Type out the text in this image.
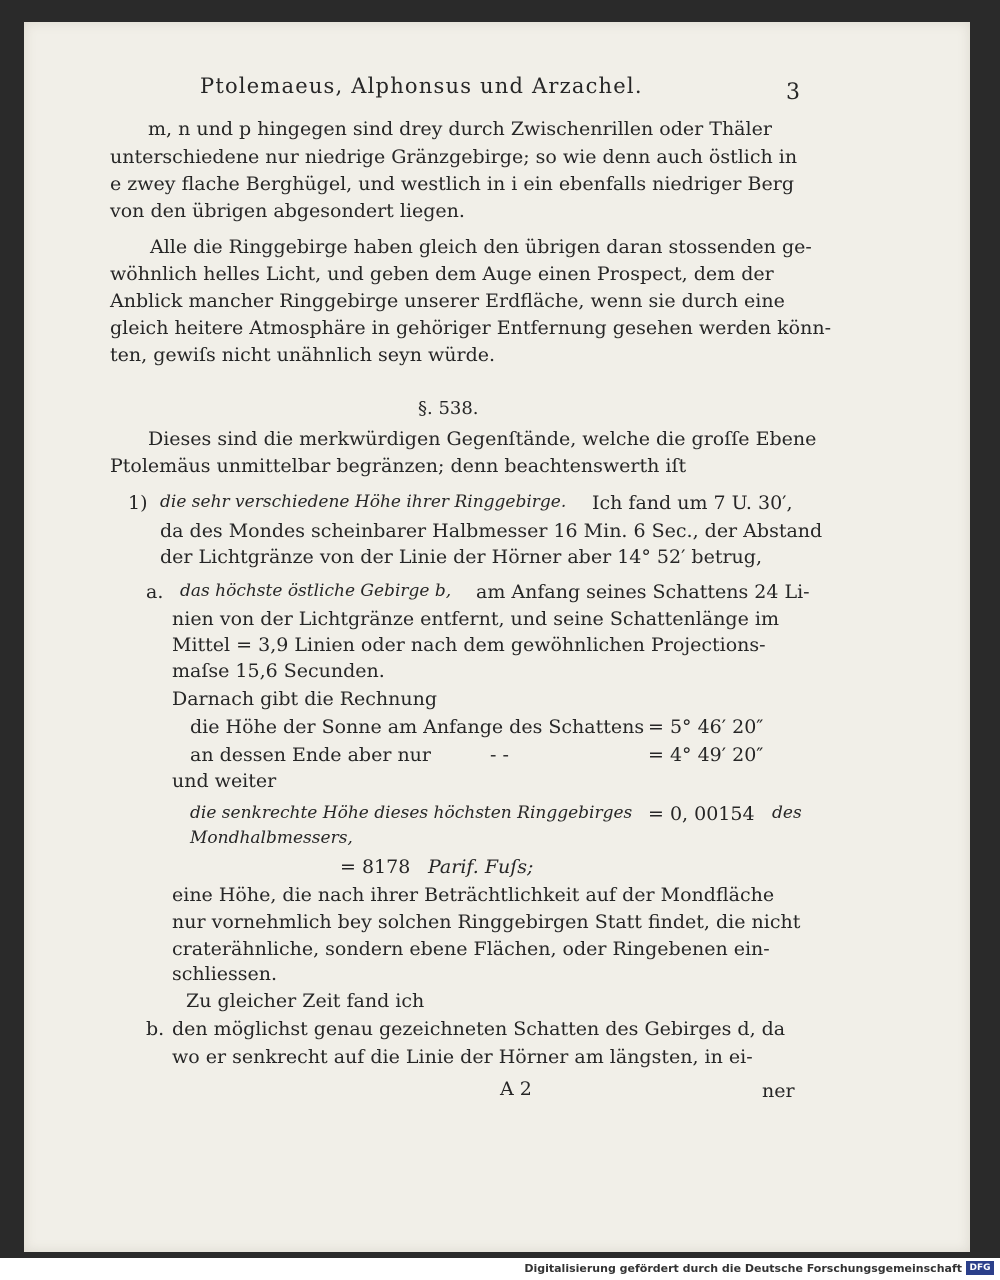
Ptolemaeus, Alphonsus und Arzachel.	3
m, n und p hingegen sind drey durch Zwischenrillen oder Thäler
unterschiedene nur niedrige Gränzgebirge; so wie denn auch östlich in
e zwey flache Berghügel, und westlich in i ein ebenfalls niedriger Berg
von den übrigen abgesondert liegen.
Alle die Ringgebirge haben gleich den übrigen daran stossenden ge-
wöhnlich helles Licht, und geben dem Auge einen Prospect, dem der
Anblick mancher Ringgebirge unserer Erdfläche, wenn sie durch eine
gleich heitere Atmosphäre in gehöriger Entfernung gesehen werden könn-
ten, gewiſs nicht unähnlich seyn würde.
§. 538.
Dieses sind die merkwürdigen Gegenſtände, welche die groſſe Ebene
Ptolemäus unmittelbar begränzen; denn beachtenswerth iſt
1) die sehr verschiedene Höhe ihrer Ringgebirge. Ich fand um 7 U. 30′,
da des Mondes scheinbarer Halbmesser 16 Min. 6 Sec., der Abstand
der Lichtgränze von der Linie der Hörner aber 14° 52′ betrug,
a. das höchste östliche Gebirge b, am Anfang seines Schattens 24 Li-
nien von der Lichtgränze entfernt, und seine Schattenlänge im
Mittel = 3,9 Linien oder nach dem gewöhnlichen Projections-
maſse 15,6 Secunden.
Darnach gibt die Rechnung
die Höhe der Sonne am Anfange des Schattens = 5° 46′ 20″
an dessen Ende aber nur	- -	= 4° 49′ 20″
und weiter
die senkrechte Höhe dieses höchsten Ringgebirges = 0, 00154 des
Mondhalbmessers,
= 8178 Parif. Fuſs;
eine Höhe, die nach ihrer Beträchtlichkeit auf der Mondfläche
nur vornehmlich bey solchen Ringgebirgen Statt findet, die nicht
craterähnliche, sondern ebene Flächen, oder Ringebenen ein-
schliessen.
Zu gleicher Zeit fand ich
b. den möglichst genau gezeichneten Schatten des Gebirges d, da
wo er senkrecht auf die Linie der Hörner am längsten, in ei-
A 2	ner
Digitalisierung gefördert durch die Deutsche Forschungsgemeinschaft DFG
